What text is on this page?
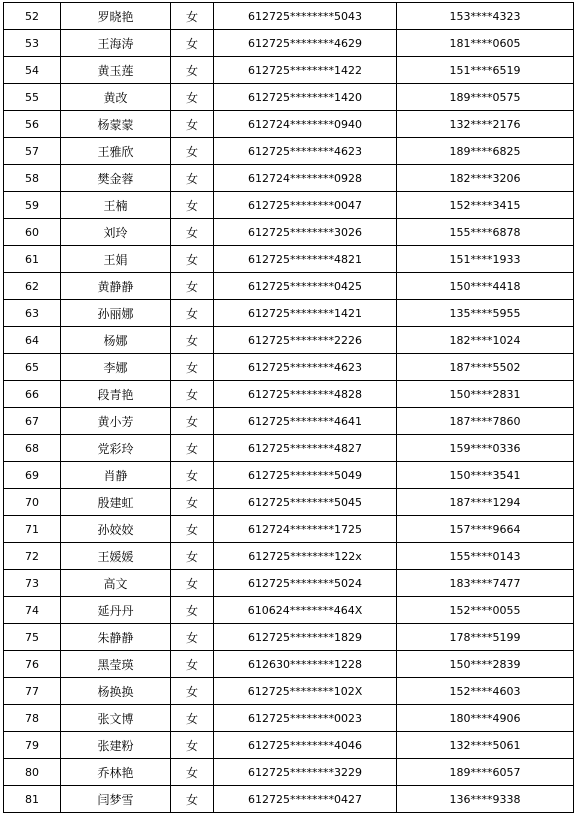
52	罗晓艳	女	612725********5043	153****4323
53	王海涛	女	612725********4629	181****0605
54	黄玉莲	女	612725********1422	151****6519
55	黄改	女	612725********1420	189****0575
56	杨蒙蒙	女	612724********0940	132****2176
57	王雅欣	女	612725********4623	189****6825
58	樊金蓉	女	612724********0928	182****3206
59	王楠	女	612725********0047	152****3415
60	刘玲	女	612725********3026	155****6878
61	王娟	女	612725********4821	151****1933
62	黄静静	女	612725********0425	150****4418
63	孙丽娜	女	612725********1421	135****5955
64	杨娜	女	612725********2226	182****1024
65	李娜	女	612725********4623	187****5502
66	段青艳	女	612725********4828	150****2831
67	黄小芳	女	612725********4641	187****7860
68	党彩玲	女	612725********4827	159****0336
69	肖静	女	612725********5049	150****3541
70	殷建虹	女	612725********5045	187****1294
71	孙姣姣	女	612724********1725	157****9664
72	王媛媛	女	612725********122x	155****0143
73	高文	女	612725********5024	183****7477
74	延丹丹	女	610624********464X	152****0055
75	朱静静	女	612725********1829	178****5199
76	黑莹瑛	女	612630********1228	150****2839
77	杨换换	女	612725********102X	152****4603
78	张文博	女	612725********0023	180****4906
79	张建粉	女	612725********4046	132****5061
80	乔林艳	女	612725********3229	189****6057
81	闫梦雪	女	612725********0427	136****9338
